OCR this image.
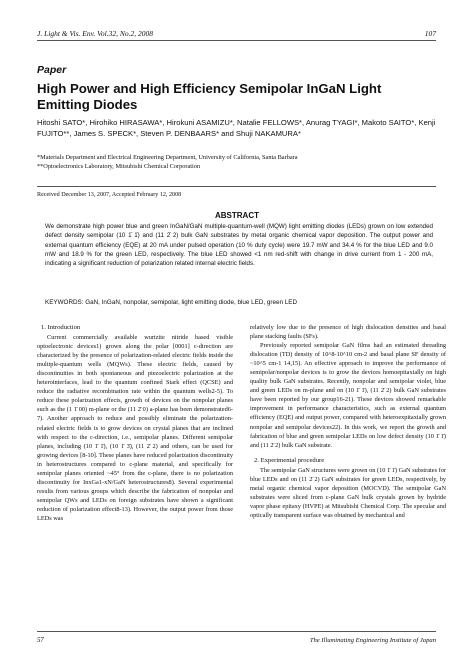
J. Light & Vis. Env. Vol.32, No.2, 2008	107
Paper
High Power and High Efficiency Semipolar InGaN Light Emitting Diodes
Hitoshi SATO*, Hirohiko HIRASAWA*, Hirokuni ASAMIZU*, Natalie FELLOWS*, Anurag TYAGI*, Makoto SAITO*, Kenji FUJITO**, James S. SPECK*, Steven P. DENBAARS* and Shuji NAKAMURA*
*Materials Department and Electrical Engineering Department, University of California, Santa Barbara
**Optoelectronics Laboratory, Mitsubishi Chemical Corporation
Received December 13, 2007, Accepted February 12, 2008
ABSTRACT
We demonstrate high power blue and green InGaN/GaN multiple-quantum-well (MQW) light emitting diodes (LEDs) grown on low extended defect density semipolar (10 1̄ 1̄) and (11 2̄ 2) bulk GaN substrates by metal organic chemical vapor deposition. The output power and external quantum efficiency (EQE) at 20 mA under pulsed operation (10 % duty cycle) were 19.7 mW and 34.4 % for the blue LED and 9.0 mW and 18.9 % for the green LED, respectively. The blue LED showed <1 nm red-shift with change in drive current from 1 - 200 mA, indicating a significant reduction of polarization related internal electric fields.
KEYWORDS: GaN, InGaN, nonpolar, semipolar, light emitting diode, blue LED, green LED

1. Introduction

Current commercially available wurtzite nitride based visible optoelectronic devices1) grown along the polar [0001] c-direction are characterized by the presence of polarization-related electric fields inside the multiple-quantum wells (MQWs). These electric fields, caused by discontinuities in both spontaneous and piezoelectric polarization at the heterointerfaces, lead to the quantum confined Stark effect (QCSE) and reduce the radiative recombination rate within the quantum wells2-5). To reduce these polarization effects, growth of devices on the nonpolar planes such as the (1 1̄ 00) m-plane or the (11 2̄ 0) a-plane has been demonstrated6-7). Another approach to reduce and possibly eliminate the polarization-related electric fields is to grow devices on crystal planes that are inclined with respect to the c-direction, i.e., semipolar planes. Different semipolar planes, including (10 1̄ 1̄), (10 1̄ 3̄), (11 2̄ 2) and others, can be used for growing devices [8-10]. These planes have reduced polarization discontinuity in heterostructures compared to c-plane material, and specifically for semipolar planes oriented ~45° from the c-plane, there is no polarization discontinuity for InxGa1-xN/GaN heterostructures8). Several experimental results from various groups which describe the fabrication of nonpolar and semipolar QWs and LEDs on foreign substrates have shown a significant reduction of polarization effect8-13). However, the output power from those LEDs was

relatively low due to the presence of high dislocation densities and basal plane stacking faults (SFs).

Previously reported semipolar GaN films had an estimated threading dislocation (TD) density of 10^8-10^10 cm-2 and basal plane SF density of ~10^5 cm-1 14,15). An effective approach to improve the performance of semipolar/nonpolar devices is to grow the devices homoepitaxially on high quality bulk GaN substrates. Recently, nonpolar and semipolar violet, blue and green LEDs on m-plane and on (10 1̄ 1̄), (11 2̄ 2) bulk GaN substrates have been reported by our group16-21). These devices showed remarkable improvement in performance characteristics, such as external quantum efficiency (EQE) and output power, compared with heteroexpitaxially grown nonpolar and semipolar devices22). In this work, we report the growth and fabrication of blue and green semipolar LEDs on low defect density (10 1̄ 1̄) and (11 2̄ 2) bulk GaN substrate.

2. Experimental procedure

The semipolar GaN structures were grown on (10 1̄ 1̄) GaN substrates for blue LEDs and on (11 2̄ 2) GaN substrates for green LEDs, respectively, by metal organic chemical vapor deposition (MOCVD). The semipolar GaN substrates were sliced from c-plane GaN bulk crystals grown by hydride vapor phase epitaxy (HVPE) at Mitsubishi Chemical Corp. The specular and optically transparent surface was obtained by mechanical and

57	The Illuminating Engineering Institute of Japan
